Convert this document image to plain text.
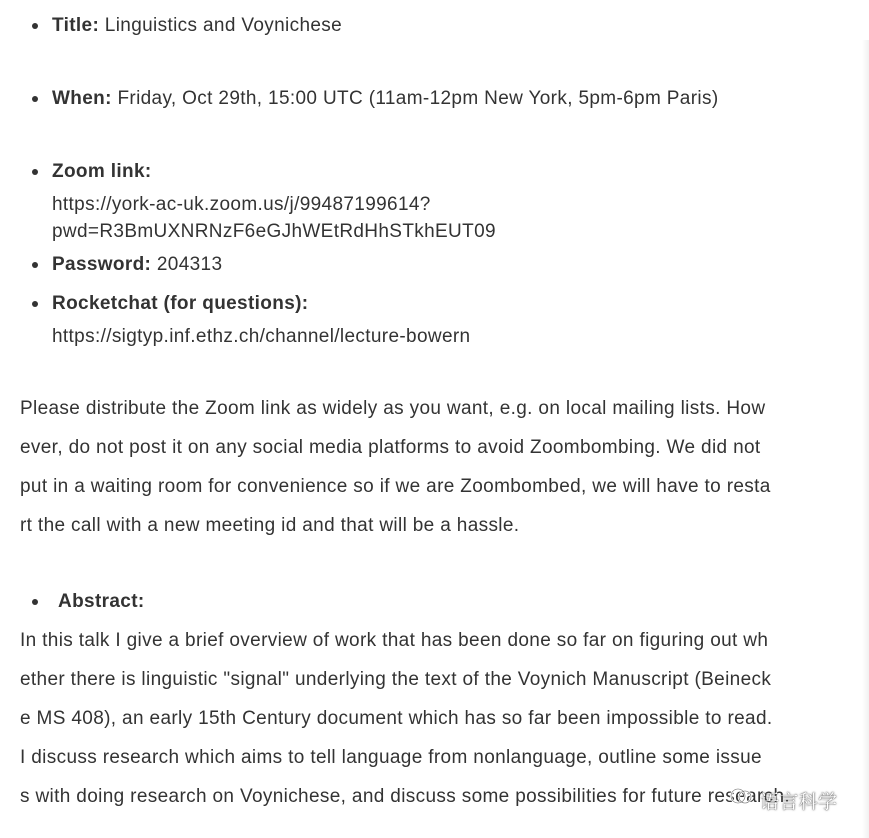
Title: Linguistics and Voynichese
When: Friday, Oct 29th, 15:00 UTC (11am-12pm New York, 5pm-6pm Paris)
Zoom link:
https://york-ac-uk.zoom.us/j/99487199614?
pwd=R3BmUXNRNzF6eGJhWEtRdHhSTkhEUT09
Password: 204313
Rocketchat (for questions):
https://sigtyp.inf.ethz.ch/channel/lecture-bowern
Please distribute the Zoom link as widely as you want, e.g. on local mailing lists. How
ever, do not post it on any social media platforms to avoid Zoombombing. We did not
put in a waiting room for convenience so if we are Zoombombed, we will have to resta
rt the call with a new meeting id and that will be a hassle.
Abstract:
In this talk I give a brief overview of work that has been done so far on figuring out wh
ether there is linguistic "signal" underlying the text of the Voynich Manuscript (Beineck
e MS 408), an early 15th Century document which has so far been impossible to read.
I discuss research which aims to tell language from nonlanguage, outline some issue
s with doing research on Voynichese, and discuss some possibilities for future research.
语言科学
